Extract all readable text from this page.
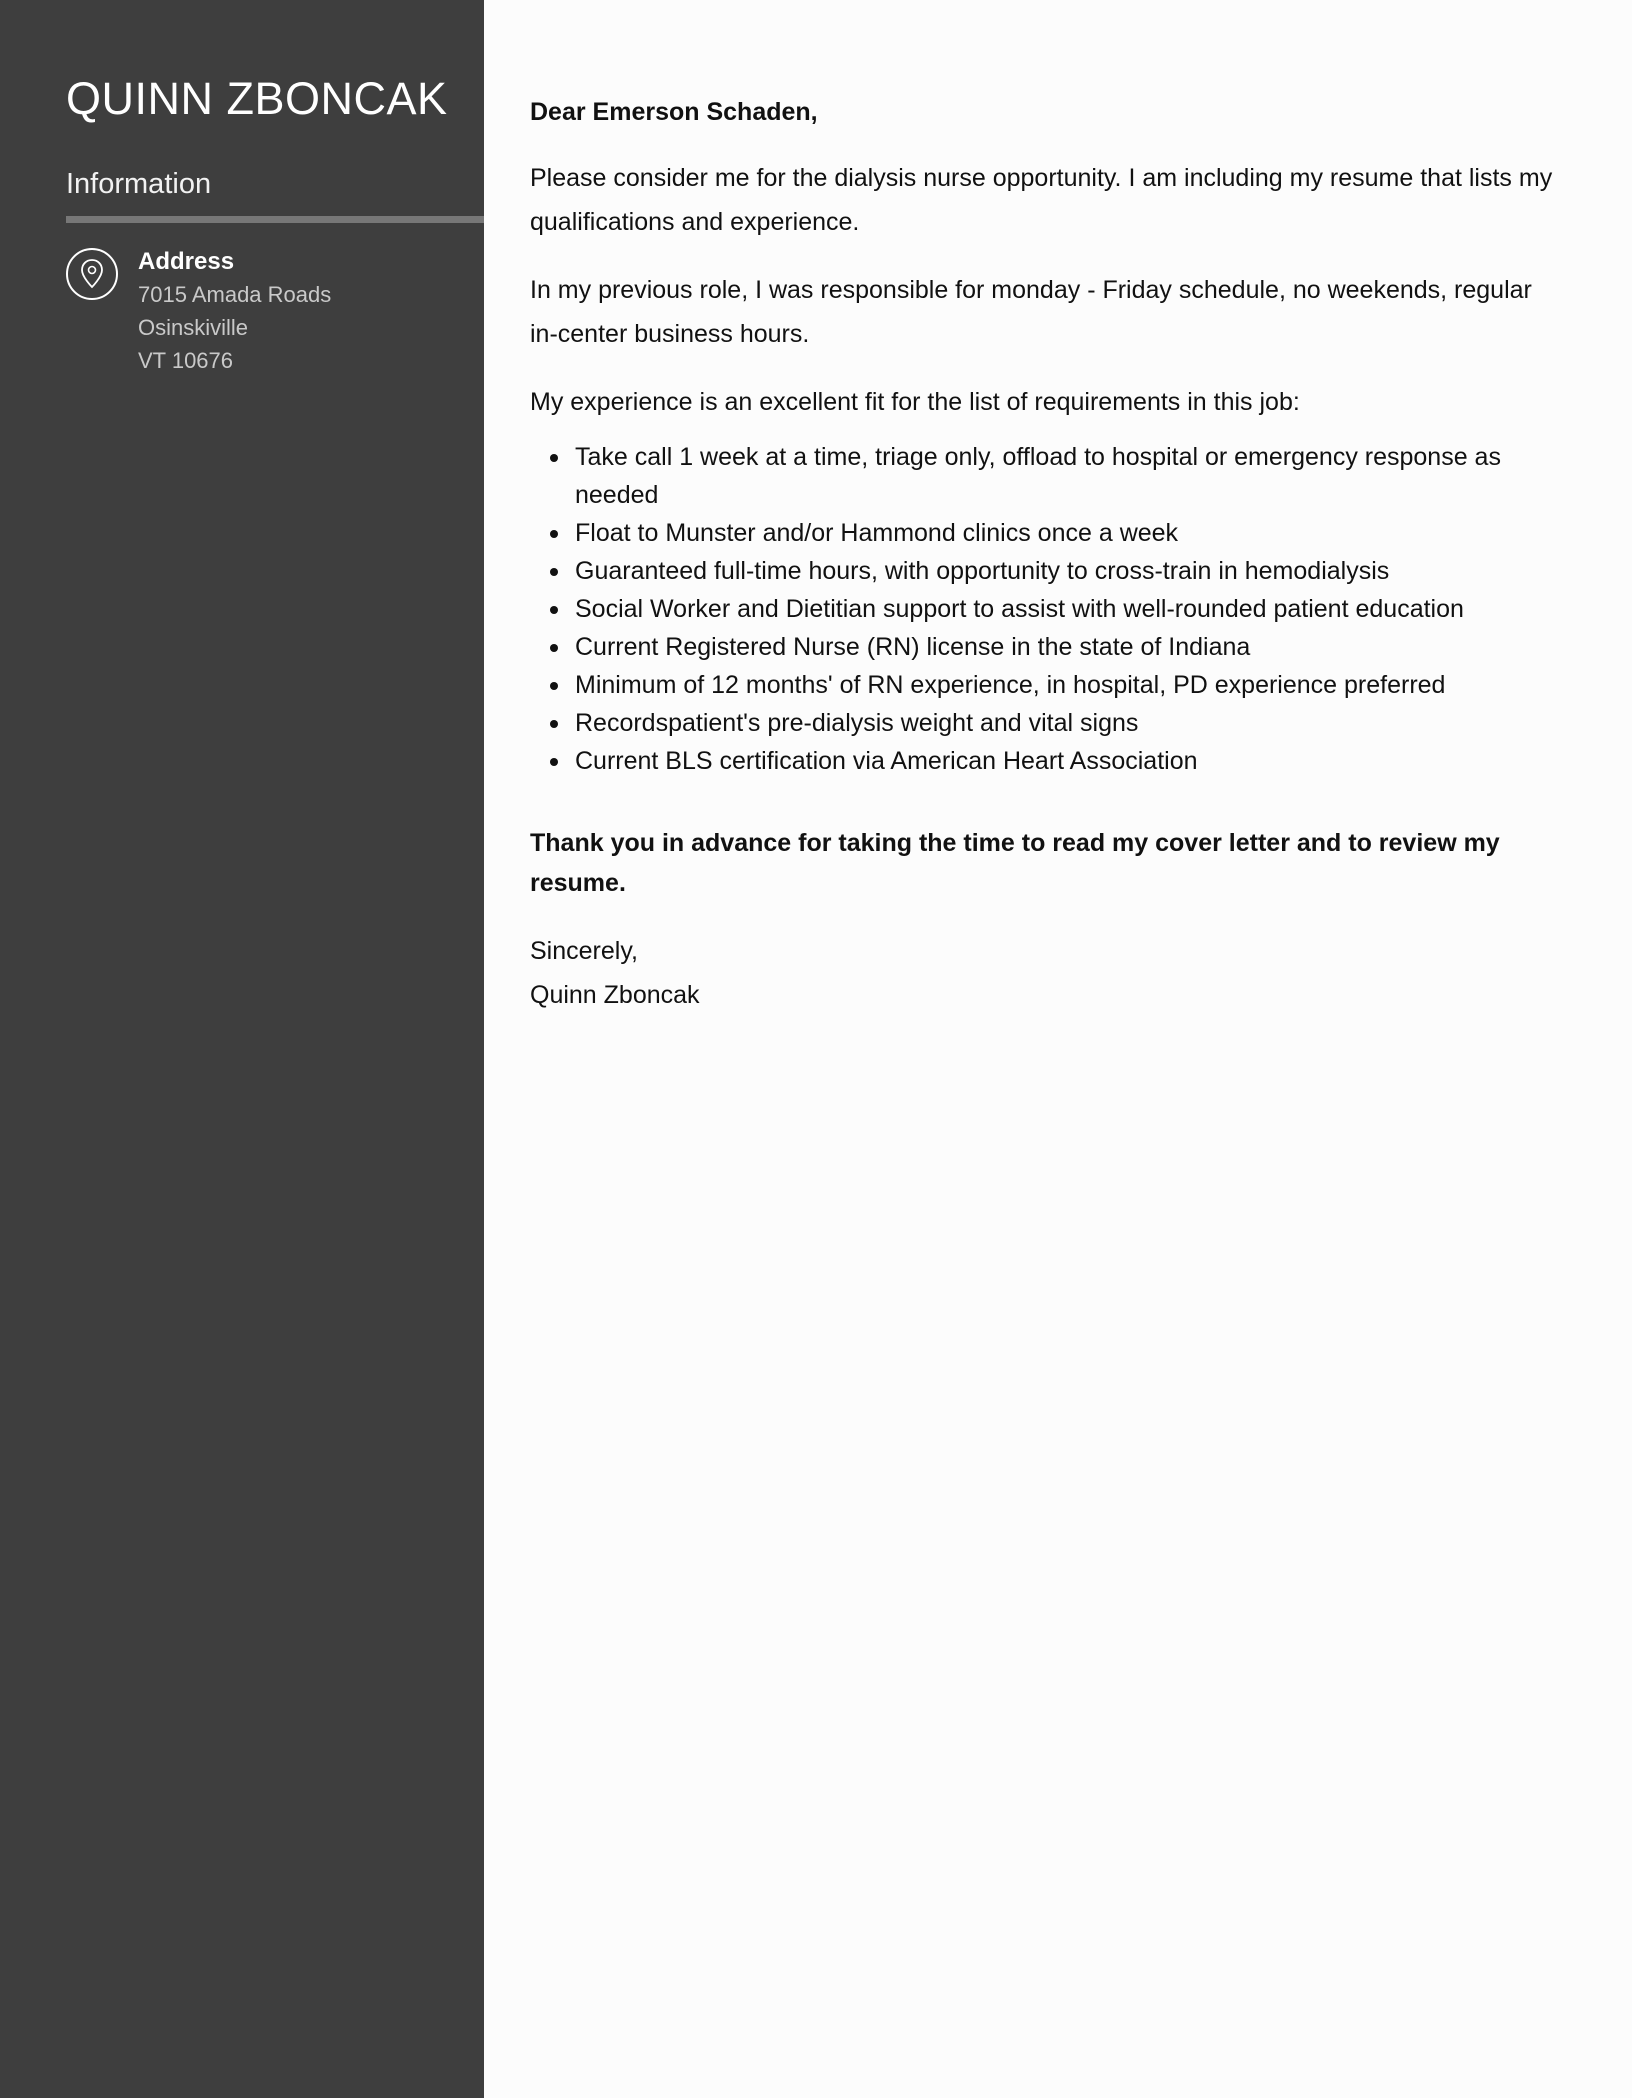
QUINN ZBONCAK
Information
Address
7015 Amada Roads
Osinskiville
VT 10676
Dear Emerson Schaden,

Please consider me for the dialysis nurse opportunity. I am including my resume that lists my qualifications and experience.

In my previous role, I was responsible for monday - Friday schedule, no weekends, regular in-center business hours.

My experience is an excellent fit for the list of requirements in this job:

Take call 1 week at a time, triage only, offload to hospital or emergency response as needed
Float to Munster and/or Hammond clinics once a week
Guaranteed full-time hours, with opportunity to cross-train in hemodialysis
Social Worker and Dietitian support to assist with well-rounded patient education
Current Registered Nurse (RN) license in the state of Indiana
Minimum of 12 months' of RN experience, in hospital, PD experience preferred
Recordspatient's pre-dialysis weight and vital signs
Current BLS certification via American Heart Association

Thank you in advance for taking the time to read my cover letter and to review my resume.

Sincerely,
Quinn Zboncak
